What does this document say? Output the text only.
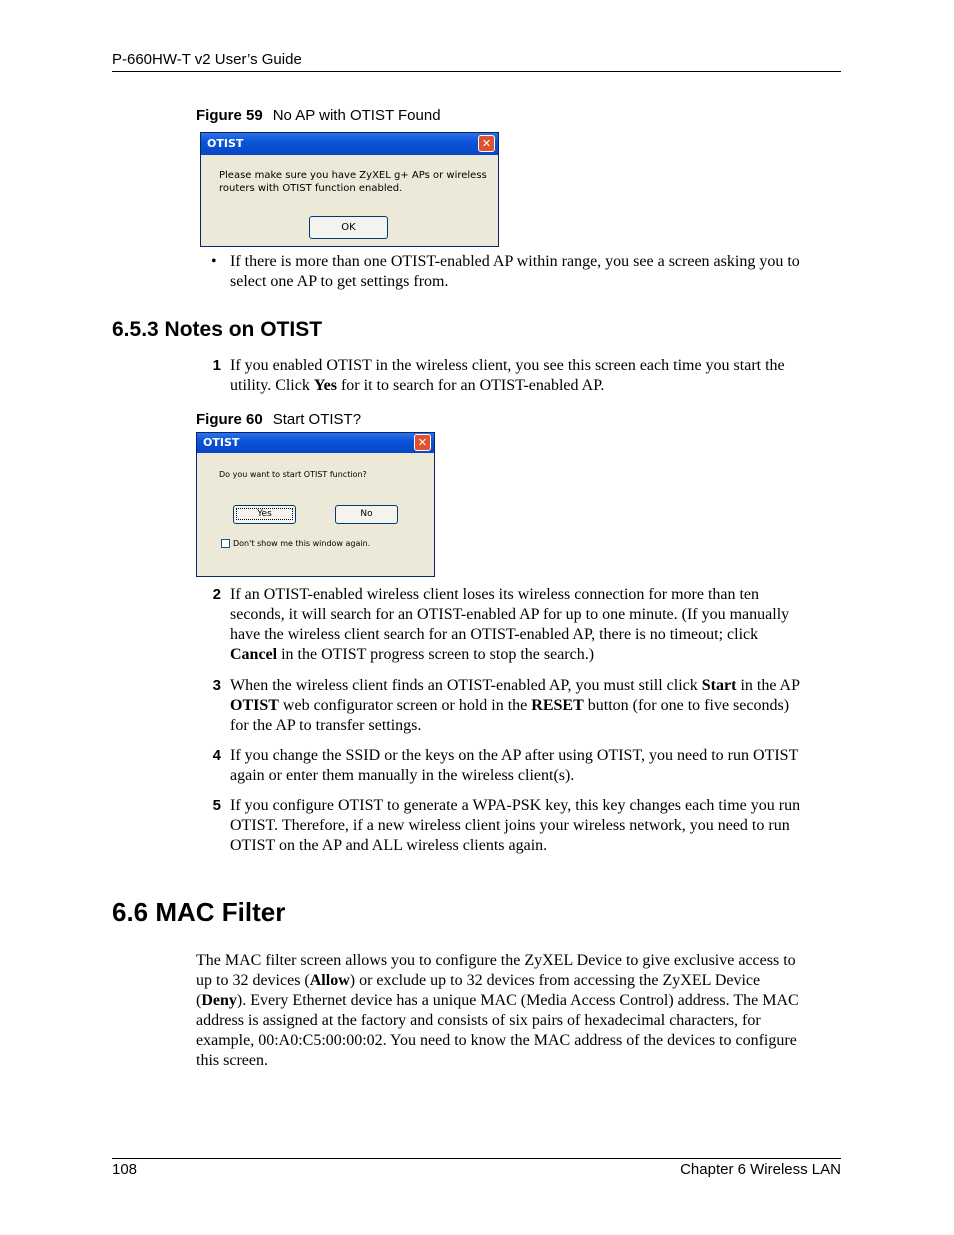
P-660HW-T v2 User’s Guide
Figure 59 No AP with OTIST Found
OTIST	✕
Please make sure you have ZyXEL g+ APs or wireless
routers with OTIST function enabled.
OK
• If there is more than one OTIST-enabled AP within range, you see a screen asking you to
select one AP to get settings from.
6.5.3 Notes on OTIST
1 If you enabled OTIST in the wireless client, you see this screen each time you start the
utility. Click Yes for it to search for an OTIST-enabled AP.
Figure 60 Start OTIST?
OTIST	✕
Do you want to start OTIST function?
Yes	No
Don't show me this window again.
2 If an OTIST-enabled wireless client loses its wireless connection for more than ten
seconds, it will search for an OTIST-enabled AP for up to one minute. (If you manually
have the wireless client search for an OTIST-enabled AP, there is no timeout; click
Cancel in the OTIST progress screen to stop the search.)
3 When the wireless client finds an OTIST-enabled AP, you must still click Start in the AP
OTIST web configurator screen or hold in the RESET button (for one to five seconds)
for the AP to transfer settings.
4 If you change the SSID or the keys on the AP after using OTIST, you need to run OTIST
again or enter them manually in the wireless client(s).
5 If you configure OTIST to generate a WPA-PSK key, this key changes each time you run
OTIST. Therefore, if a new wireless client joins your wireless network, you need to run
OTIST on the AP and ALL wireless clients again.
6.6 MAC Filter
The MAC filter screen allows you to configure the ZyXEL Device to give exclusive access to
up to 32 devices (Allow) or exclude up to 32 devices from accessing the ZyXEL Device
(Deny). Every Ethernet device has a unique MAC (Media Access Control) address. The MAC
address is assigned at the factory and consists of six pairs of hexadecimal characters, for
example, 00:A0:C5:00:00:02. You need to know the MAC address of the devices to configure
this screen.
108	Chapter 6 Wireless LAN
